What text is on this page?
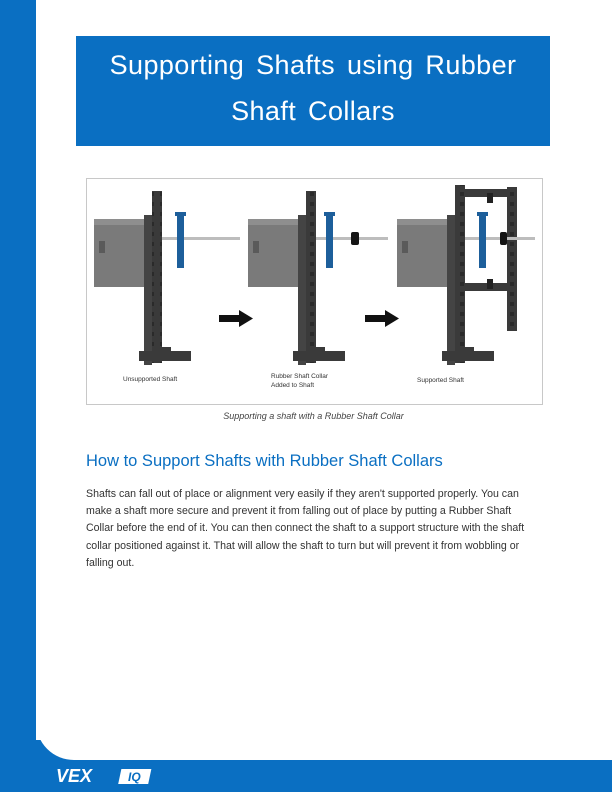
Supporting Shafts using Rubber
Shaft Collars
Unsupported Shaft	Rubber Shaft Collar Added to Shaft
Supported Shaft
Supporting a shaft with a Rubber Shaft Collar
How to Support Shafts with Rubber Shaft Collars
Shafts can fall out of place or alignment very easily if they aren't supported properly. You can make a shaft more secure and prevent it from falling out of place by putting a Rubber Shaft Collar before the end of it. You can then connect the shaft to a support structure with the shaft collar positioned against it. That will allow the shaft to turn but will prevent it from wobbling or falling out.
VEX	IQ
